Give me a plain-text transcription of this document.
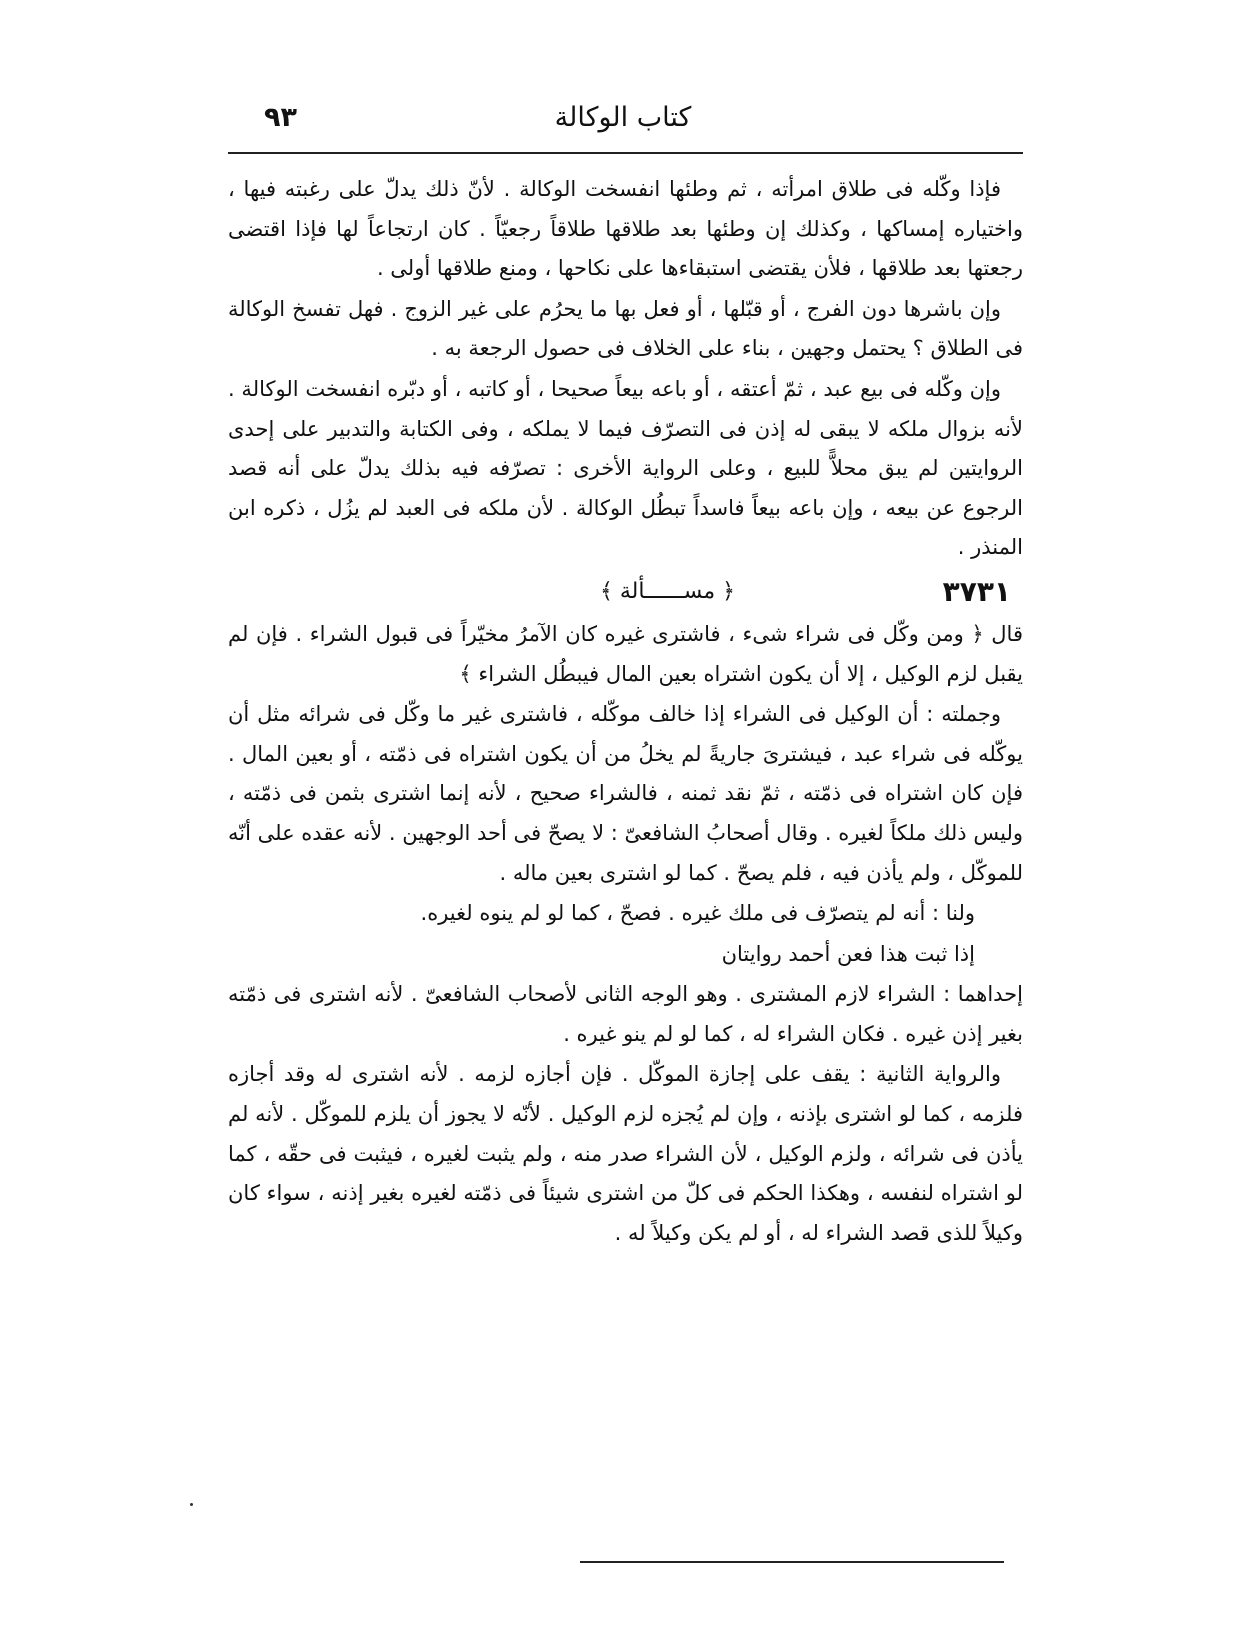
كتاب الوكالة
٩٣

فإذا وكّله فى طلاق امرأته ، ثم وطئها انفسخت الوكالة . لأنّ ذلك يدلّ على رغبته فيها ، واختياره إمساكها ، وكذلك إن وطئها بعد طلاقها طلاقاً رجعيّاً . كان ارتجاعاً لها فإذا اقتضى رجعتها بعد طلاقها ، فلأن يقتضى استبقاءها على نكاحها ، ومنع طلاقها أولى .

وإن باشرها دون الفرج ، أو قبّلها ، أو فعل بها ما يحرُم على غير الزوج . فهل تفسخ الوكالة فى الطلاق ؟ يحتمل وجهين ، بناء على الخلاف فى حصول الرجعة به .

وإن وكّله فى بيع عبد ، ثمّ أعتقه ، أو باعه بيعاً صحيحا ، أو كاتبه ، أو دبّره انفسخت الوكالة . لأنه بزوال ملكه لا يبقى له إذن فى التصرّف فيما لا يملكه ، وفى الكتابة والتدبير على إحدى الروايتين لم يبق محلاًّ للبيع ، وعلى الرواية الأخرى : تصرّفه فيه بذلك يدلّ على أنه قصد الرجوع عن بيعه ، وإن باعه بيعاً فاسداً تبطُل الوكالة . لأن ملكه فى العبد لم يزُل ، ذكره ابن المنذر .

٣٧٣١
﴿ مســــــألة ﴾

قال ﴿ ومن وكّل فى شراء شىء ، فاشترى غيره كان الآمرُ مخيّراً فى قبول الشراء . فإن لم يقبل لزم الوكيل ، إلا أن يكون اشتراه بعين المال فيبطُل الشراء ﴾

وجملته : أن الوكيل فى الشراء إذا خالف موكّله ، فاشترى غير ما وكّل فى شرائه مثل أن يوكّله فى شراء عبد ، فيشترىَ جاريةً لم يخلُ من أن يكون اشتراه فى ذمّته ، أو بعين المال . فإن كان اشتراه فى ذمّته ، ثمّ نقد ثمنه ، فالشراء صحيح ، لأنه إنما اشترى بثمن فى ذمّته ، وليس ذلك ملكاً لغيره . وقال أصحابُ الشافعىّ : لا يصحّ فى أحد الوجهين . لأنه عقده على أنّه للموكّل ، ولم يأذن فيه ، فلم يصحّ . كما لو اشترى بعين ماله .

ولنا : أنه لم يتصرّف فى ملك غيره . فصحّ ، كما لو لم ينوه لغيره.

إذا ثبت هذا فعن أحمد روايتان

إحداهما : الشراء لازم المشترى . وهو الوجه الثانى لأصحاب الشافعىّ . لأنه اشترى فى ذمّته بغير إذن غيره . فكان الشراء له ، كما لو لم ينو غيره .

والرواية الثانية : يقف على إجازة الموكّل . فإن أجازه لزمه . لأنه اشترى له وقد أجازه فلزمه ، كما لو اشترى بإذنه ، وإن لم يُجزه لزم الوكيل . لأنّه لا يجوز أن يلزم للموكّل . لأنه لم يأذن فى شرائه ، ولزم الوكيل ، لأن الشراء صدر منه ، ولم يثبت لغيره ، فيثبت فى حقّه ، كما لو اشتراه لنفسه ، وهكذا الحكم فى كلّ من اشترى شيئاً فى ذمّته لغيره بغير إذنه ، سواء كان وكيلاً للذى قصد الشراء له ، أو لم يكن وكيلاً له .
